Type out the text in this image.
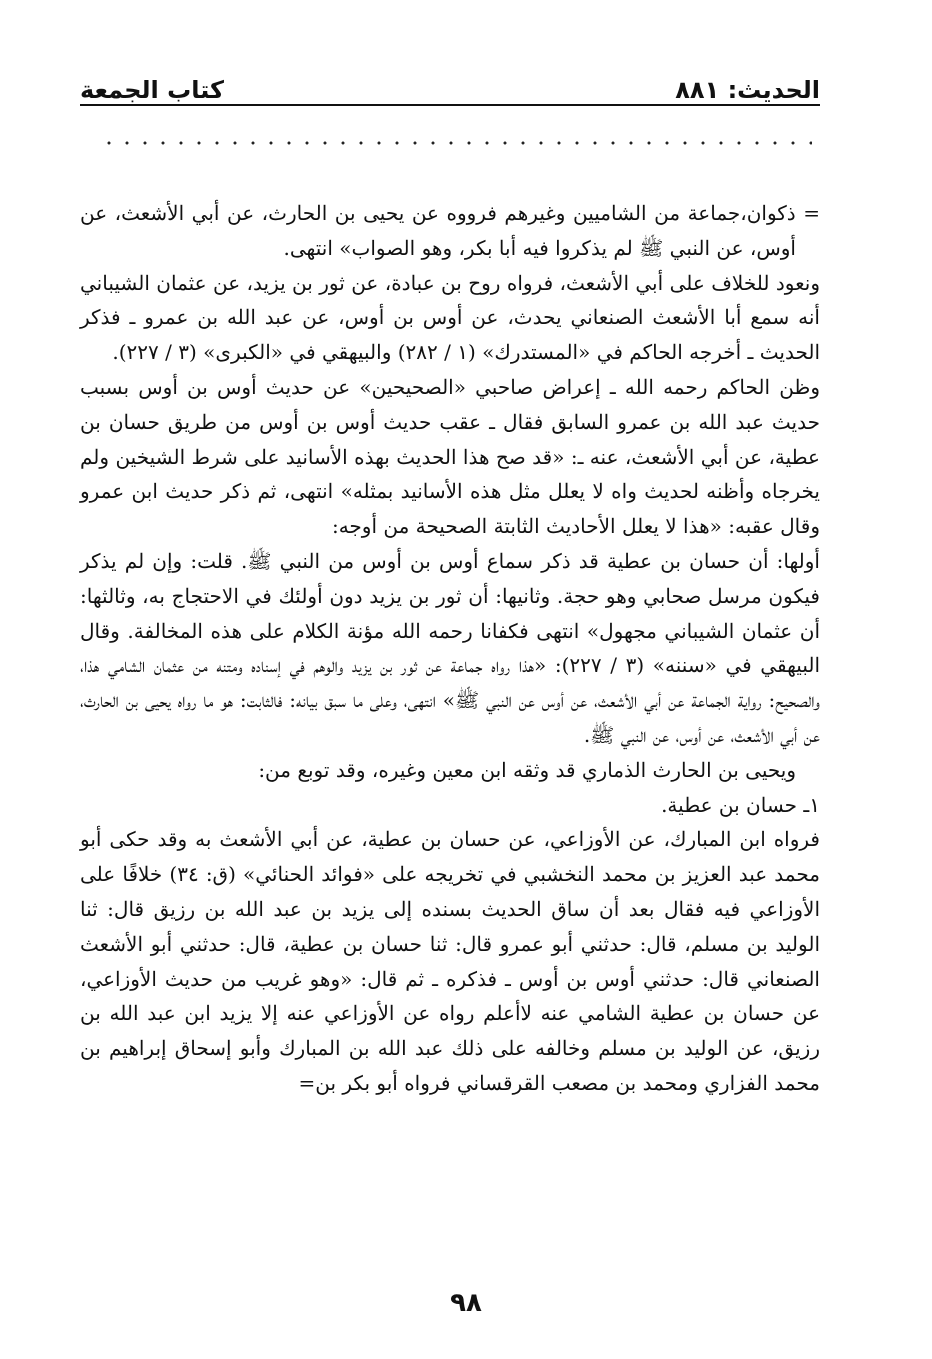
الحديث: ٨٨١
كتاب الجمعة

= ذكوان،جماعة من الشاميين وغيرهم فرووه عن يحيى بن الحارث، عن أبي الأشعث، عن أوس، عن النبي ﷺ لم يذكروا فيه أبا بكر، وهو الصواب» انتهى.

ونعود للخلاف على أبي الأشعث، فرواه روح بن عبادة، عن ثور بن يزيد، عن عثمان الشيباني أنه سمع أبا الأشعث الصنعاني يحدث، عن أوس بن أوس، عن عبد الله بن عمرو ـ فذكر الحديث ـ أخرجه الحاكم في «المستدرك» (١ / ٢٨٢) والبيهقي في «الكبرى» (٣ / ٢٢٧).

وظن الحاكم رحمه الله ـ إعراض صاحبي «الصحيحين» عن حديث أوس بن أوس بسبب حديث عبد الله بن عمرو السابق فقال ـ عقب حديث أوس بن أوس من طريق حسان بن عطية، عن أبي الأشعث، عنه ـ: «قد صح هذا الحديث بهذه الأسانيد على شرط الشيخين ولم يخرجاه وأظنه لحديث واه لا يعلل مثل هذه الأسانيد بمثله» انتهى، ثم ذكر حديث ابن عمرو وقال عقبه: «هذا لا يعلل الأحاديث الثابتة الصحيحة من أوجه:

أولها: أن حسان بن عطية قد ذكر سماع أوس بن أوس من النبي ﷺ. قلت: وإن لم يذكر فيكون مرسل صحابي وهو حجة. وثانيها: أن ثور بن يزيد دون أولئك في الاحتجاج به، وثالثها: أن عثمان الشيباني مجهول» انتهى فكفانا رحمه الله مؤنة الكلام على هذه المخالفة. وقال البيهقي في «سننه» (٣ / ٢٢٧): «هذا رواه جماعة عن ثور بن يزيد والوهم في إسناده ومتنه من عثمان الشامي هذا، والصحيح: رواية الجماعة عن أبي الأشعث، عن أوس عن النبي ﷺ» انتهى، وعلى ما سبق بيانه: فالثابت: هو ما رواه يحيى بن الحارث، عن أبي الأشعث، عن أوس، عن النبي ﷺ.

ويحيى بن الحارث الذماري قد وثقه ابن معين وغيره، وقد توبع من:

١ـ حسان بن عطية.

فرواه ابن المبارك، عن الأوزاعي، عن حسان بن عطية، عن أبي الأشعث به وقد حكى أبو محمد عبد العزيز بن محمد النخشبي في تخريجه على «فوائد الحنائي» (ق: ٣٤) خلافًا على الأوزاعي فيه فقال بعد أن ساق الحديث بسنده إلى يزيد بن عبد الله بن رزيق قال: ثنا الوليد بن مسلم، قال: حدثني أبو عمرو قال: ثنا حسان بن عطية، قال: حدثني أبو الأشعث الصنعاني قال: حدثني أوس بن أوس ـ فذكره ـ ثم قال: «وهو غريب من حديث الأوزاعي، عن حسان بن عطية الشامي عنه لاأعلم رواه عن الأوزاعي عنه إلا يزيد ابن عبد الله بن رزيق، عن الوليد بن مسلم وخالفه على ذلك عبد الله بن المبارك وأبو إسحاق إبراهيم بن محمد الفزاري ومحمد بن مصعب القرقساني فرواه أبو بكر بن=

٩٨
